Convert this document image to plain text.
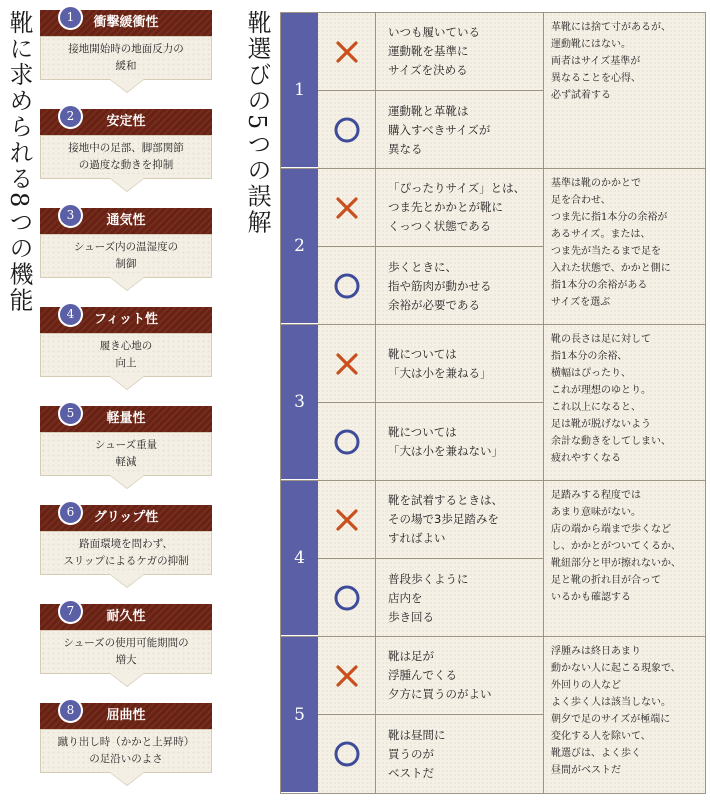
靴に求められる8つの機能	靴選びの5つの誤解
衝撃緩衝性
1
接地開始時の地面反力の
緩和
安定性
2
接地中の足部、脚部関節
の過度な動きを抑制
通気性
3
シューズ内の温湿度の
制御
フィット性
4
履き心地の
向上
軽量性
5
シューズ重量
軽減
グリップ性
6
路面環境を問わず、
スリップによるケガの抑制
耐久性
7
シューズの使用可能期間の
増大
屈曲性
8
蹴り出し時（かかと上昇時）
の足沿いのよさ
1
いつも履いている
運動靴を基準に
サイズを決める
運動靴と革靴は
購入すべきサイズが
異なる
革靴には捨て寸があるが、
運動靴にはない。
両者はサイズ基準が
異なることを心得、
必ず試着する
2
「ぴったりサイズ」とは、
つま先とかかとが靴に
くっつく状態である
歩くときに、
指や筋肉が動かせる
余裕が必要である
基準は靴のかかとで
足を合わせ、
つま先に指1本分の余裕が
あるサイズ。または、
つま先が当たるまで足を
入れた状態で、かかと側に
指1本分の余裕がある
サイズを選ぶ
3
靴については
「大は小を兼ねる」
靴については
「大は小を兼ねない」
靴の長さは足に対して
指1本分の余裕、
横幅はぴったり、
これが理想のゆとり。
これ以上になると、
足は靴が脱げないよう
余計な動きをしてしまい、
疲れやすくなる
4
靴を試着するときは、
その場で3歩足踏みを
すればよい
普段歩くように
店内を
歩き回る
足踏みする程度では
あまり意味がない。
店の端から端まで歩くなど
し、かかとがついてくるか、
靴紐部分と甲が擦れないか、
足と靴の折れ目が合って
いるかも確認する
5
靴は足が
浮腫んでくる
夕方に買うのがよい
靴は昼間に
買うのが
ベストだ
浮腫みは終日あまり
動かない人に起こる現象で、
外回りの人など
よく歩く人は該当しない。
朝夕で足のサイズが極端に
変化する人を除いて、
靴選びは、よく歩く
昼間がベストだ
